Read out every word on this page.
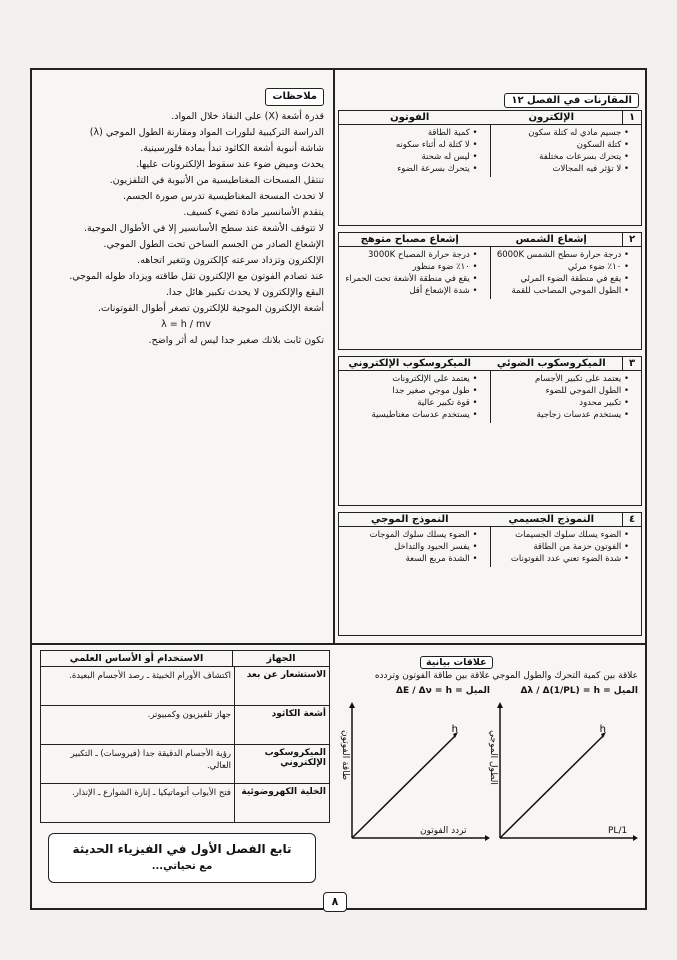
ملاحظات
قدرة أشعة (X) على النفاذ خلال المواد.
الدراسة التركيبية لبلورات المواد ومقارنة الطول الموجي (λ)
شاشة أنبوبة أشعة الكاثود تبدأ بمادة فلورسينية.
يحدث وميض ضوء عند سقوط الإلكترونات عليها.
تنتقل المسحات المغناطيسية من الأنبوبة في التلفزيون.
لا تحدث المسحة المغناطيسية تدرس صورة الجسم.
يتقدم الأسانسير مادة تضيء كسيف.
لا تتوقف الأشعة عند سطح الأسانسير إلا في الأطوال الموجية.
الإشعاع الصادر من الجسم الساخن تحت الطول الموجي.
الإلكترون وتزداد سرعته كإلكترون وتتغير اتجاهه.
عند تصادم الفوتون مع الإلكترون تقل طاقته ويزداد طوله الموجي.
البقع والإلكترون لا يحدث تكبير هائل جدا.
أشعة الإلكترون الموجية للإلكترون تصغر أطوال الفوتونات.
λ = h / mv
تكون ثابت بلانك صغير جدا ليس له أثر واضح.
المقارنات في الفصل ١٢
١
الإلكترون
الفوتون
• جسيم مادي له كتلة سكون
• كتلة السكون
• يتحرك بسرعات مختلفة
• لا تؤثر فيه المجالات
• كمية الطاقة
• لا كتلة له أثناء سكونه
• ليس له شحنة
• يتحرك بسرعة الضوء
٢
إشعاع الشمس
إشعاع مصباح متوهج
• درجة حرارة سطح الشمس 6000K
• ١٠٪ ضوء مرئي
• يقع في منطقة الضوء المرئي
• الطول الموجي المصاحب للقمة
• درجة حرارة المصباح 3000K
• ١٠٪ ضوء منظور
• يقع في منطقة الأشعة تحت الحمراء
• شدة الإشعاع أقل
٣
الميكروسكوب الضوئي
الميكروسكوب الإلكتروني
• يعتمد على تكبير الأجسام
• الطول الموجي للضوء
• تكبير محدود
• يستخدم عدسات زجاجية
• يعتمد على الإلكترونات
• طول موجي صغير جدا
• قوة تكبير عالية
• يستخدم عدسات مغناطيسية
٤
النموذج الجسيمي
النموذج الموجي
• الضوء يسلك سلوك الجسيمات
• الفوتون حزمة من الطاقة
• شدة الضوء تعني عدد الفوتونات
• الضوء يسلك سلوك الموجات
• يفسر الحيود والتداخل
• الشدة مربع السعة
الجهاز
الاستخدام أو الأساس العلمي
الاستشعار عن بعد
اكتشاف الأورام الخبيثة ـ رصد الأجسام البعيدة.
أشعة الكاثود
جهاز تلفيزيون وكمبيوتر.
الميكروسكوب الإلكتروني
رؤية الأجسام الدقيقة جدا (فيروسات) ـ التكبير العالي.
الخلية الكهروضوئية
فتح الأبواب أتوماتيكيا ـ إنارة الشوارع ـ الإنذار.
علاقات بيانية
علاقة بين كمية التحرك والطول الموجي
الميل = Δλ / Δ(1/PL) = h
h
1/PL
الطول الموجي
علاقة بين طاقة الفوتون وتردده
الميل = ΔE / Δν = h
h
تردد الفوتون
طاقة الفوتون
تابع الفصل الأول في الفيزياء الحديثة
مع تحياتي...
٨
